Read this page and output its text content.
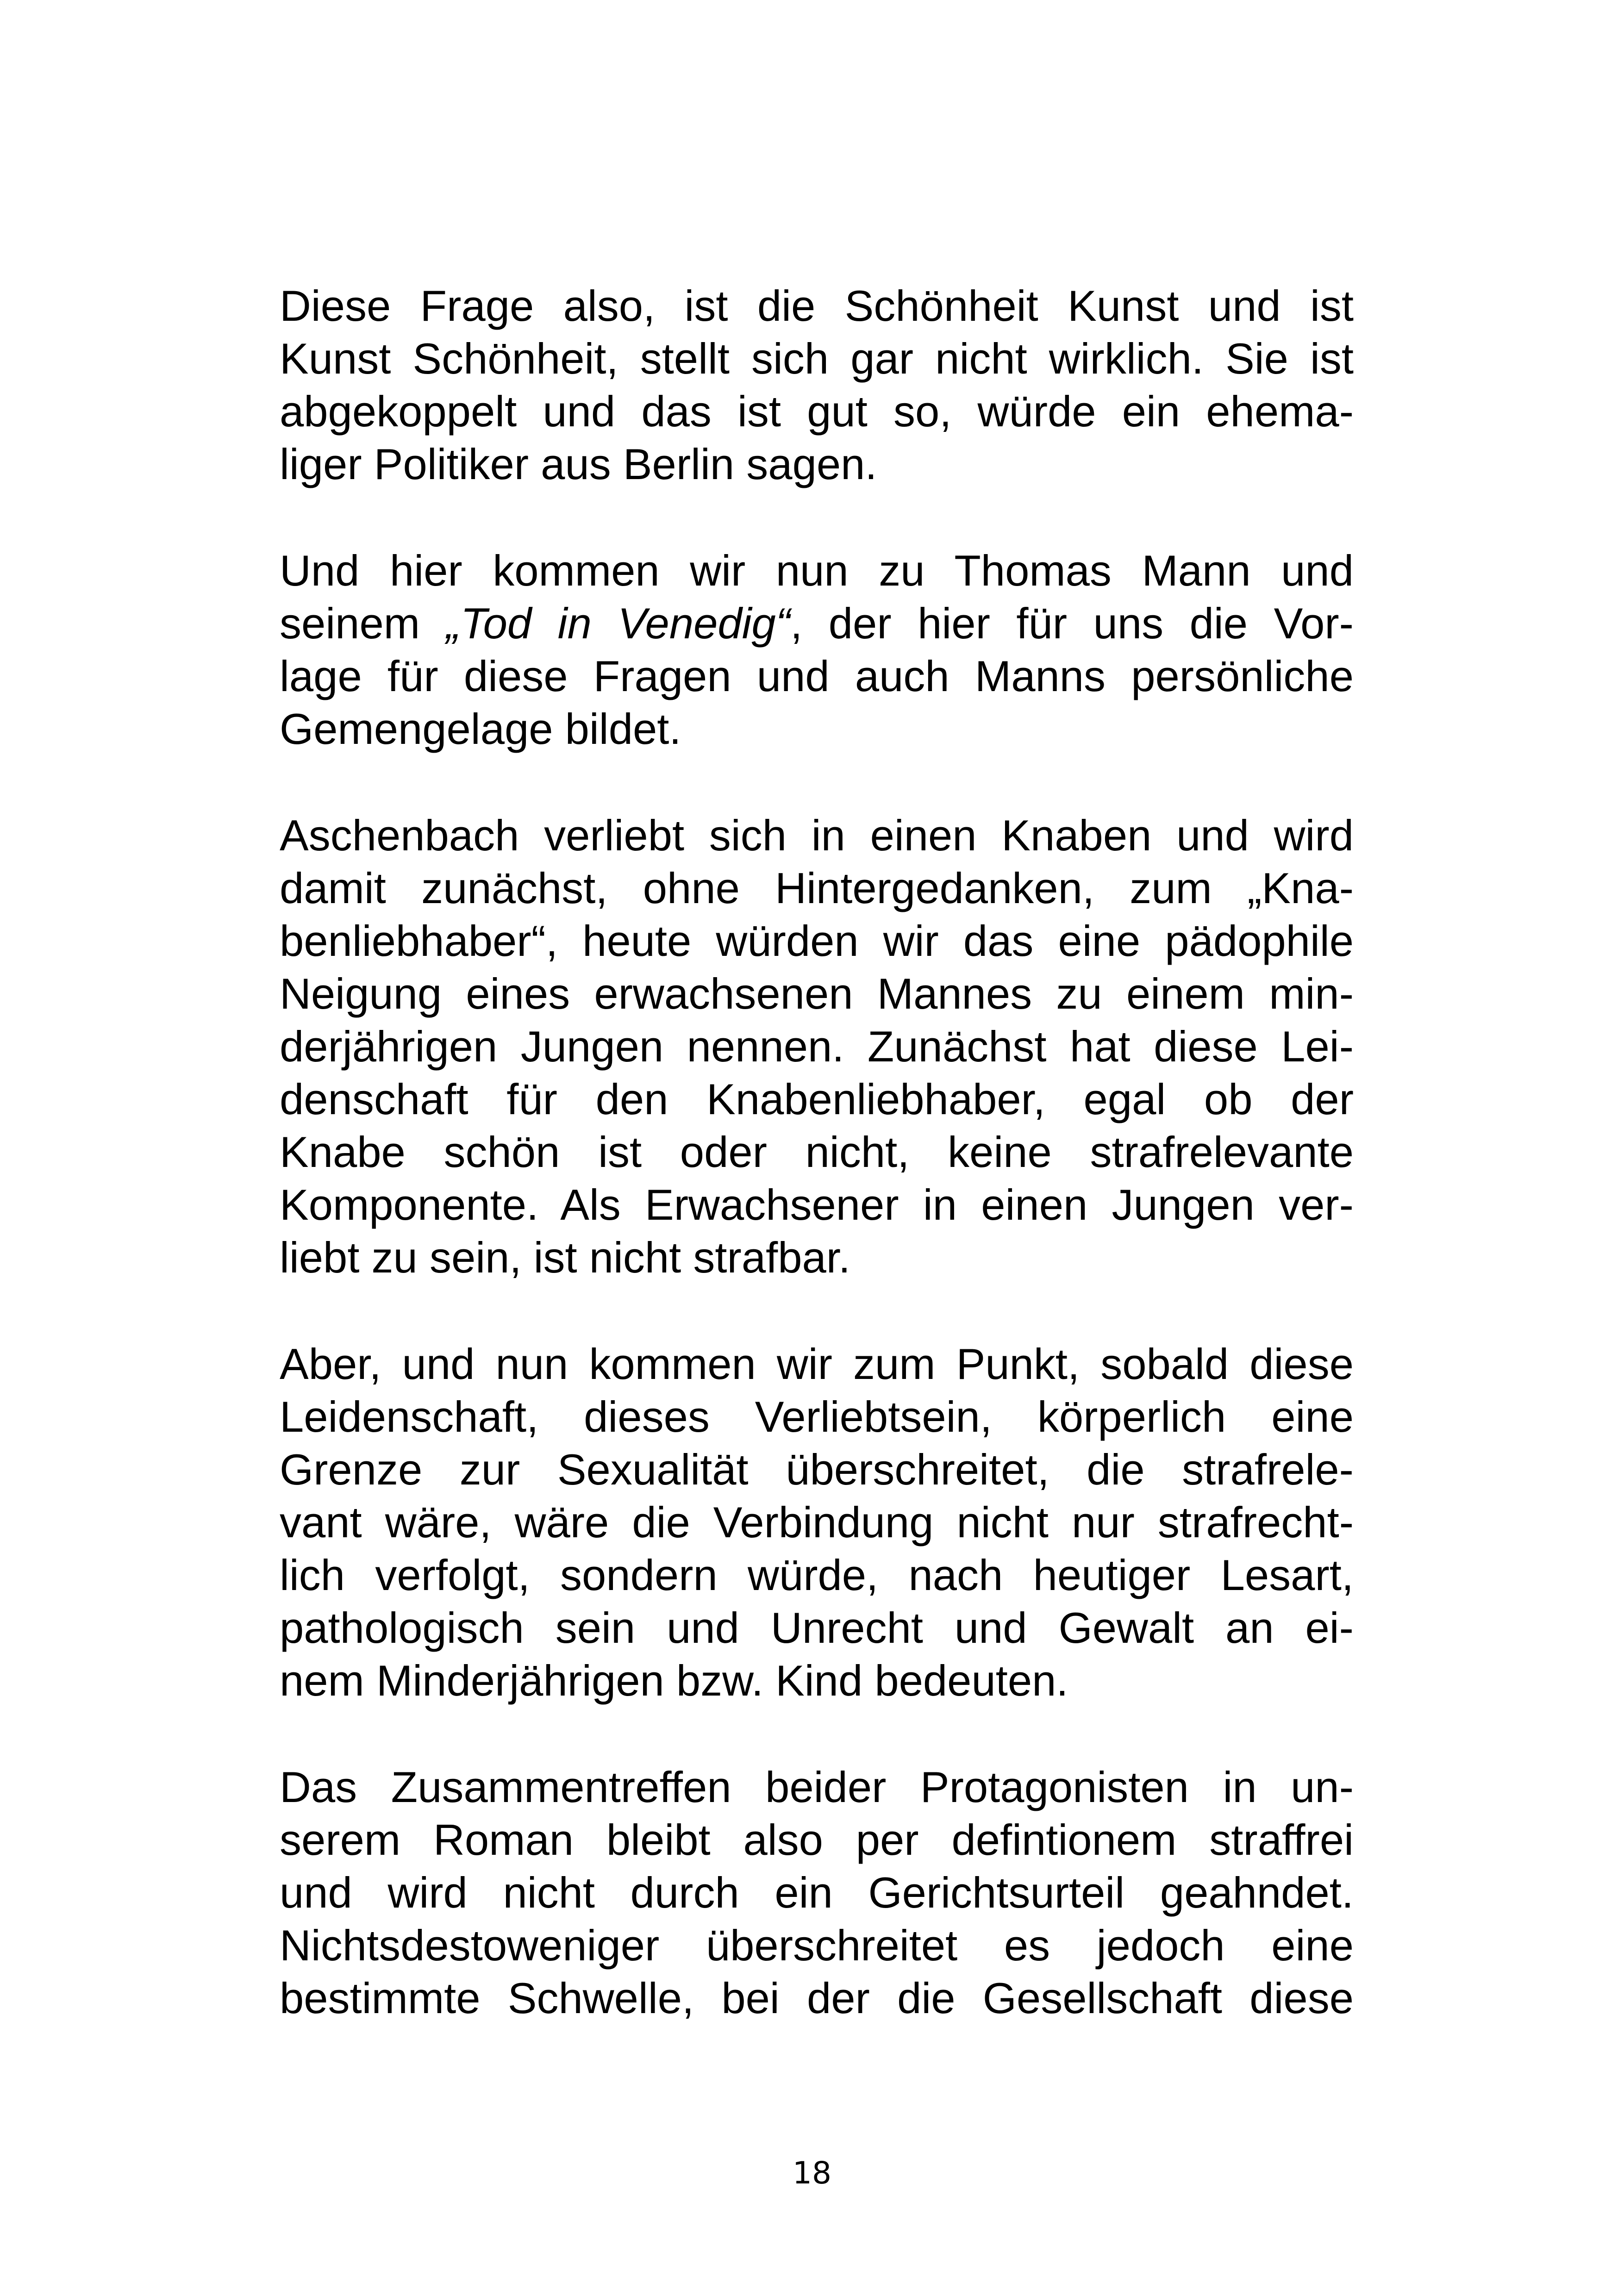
Diese Frage also, ist die Schönheit Kunst und ist
Kunst Schönheit, stellt sich gar nicht wirklich. Sie ist
abgekoppelt und das ist gut so, würde ein ehema-
liger Politiker aus Berlin sagen.
Und hier kommen wir nun zu Thomas Mann und
seinem „Tod in Venedig“, der hier für uns die Vor-
lage für diese Fragen und auch Manns persönliche
Gemengelage bildet.
Aschenbach verliebt sich in einen Knaben und wird
damit zunächst, ohne Hintergedanken, zum „Kna-
benliebhaber“, heute würden wir das eine pädophile
Neigung eines erwachsenen Mannes zu einem min-
derjährigen Jungen nennen. Zunächst hat diese Lei-
denschaft für den Knabenliebhaber, egal ob der
Knabe schön ist oder nicht, keine strafrelevante
Komponente. Als Erwachsener in einen Jungen ver-
liebt zu sein, ist nicht strafbar.
Aber, und nun kommen wir zum Punkt, sobald diese
Leidenschaft, dieses Verliebtsein, körperlich eine
Grenze zur Sexualität überschreitet, die strafrele-
vant wäre, wäre die Verbindung nicht nur strafrecht-
lich verfolgt, sondern würde, nach heutiger Lesart,
pathologisch sein und Unrecht und Gewalt an ei-
nem Minderjährigen bzw. Kind bedeuten.
Das Zusammentreffen beider Protagonisten in un-
serem Roman bleibt also per defintionem straffrei
und wird nicht durch ein Gerichtsurteil geahndet.
Nichtsdestoweniger überschreitet es jedoch eine
bestimmte Schwelle, bei der die Gesellschaft diese
18
